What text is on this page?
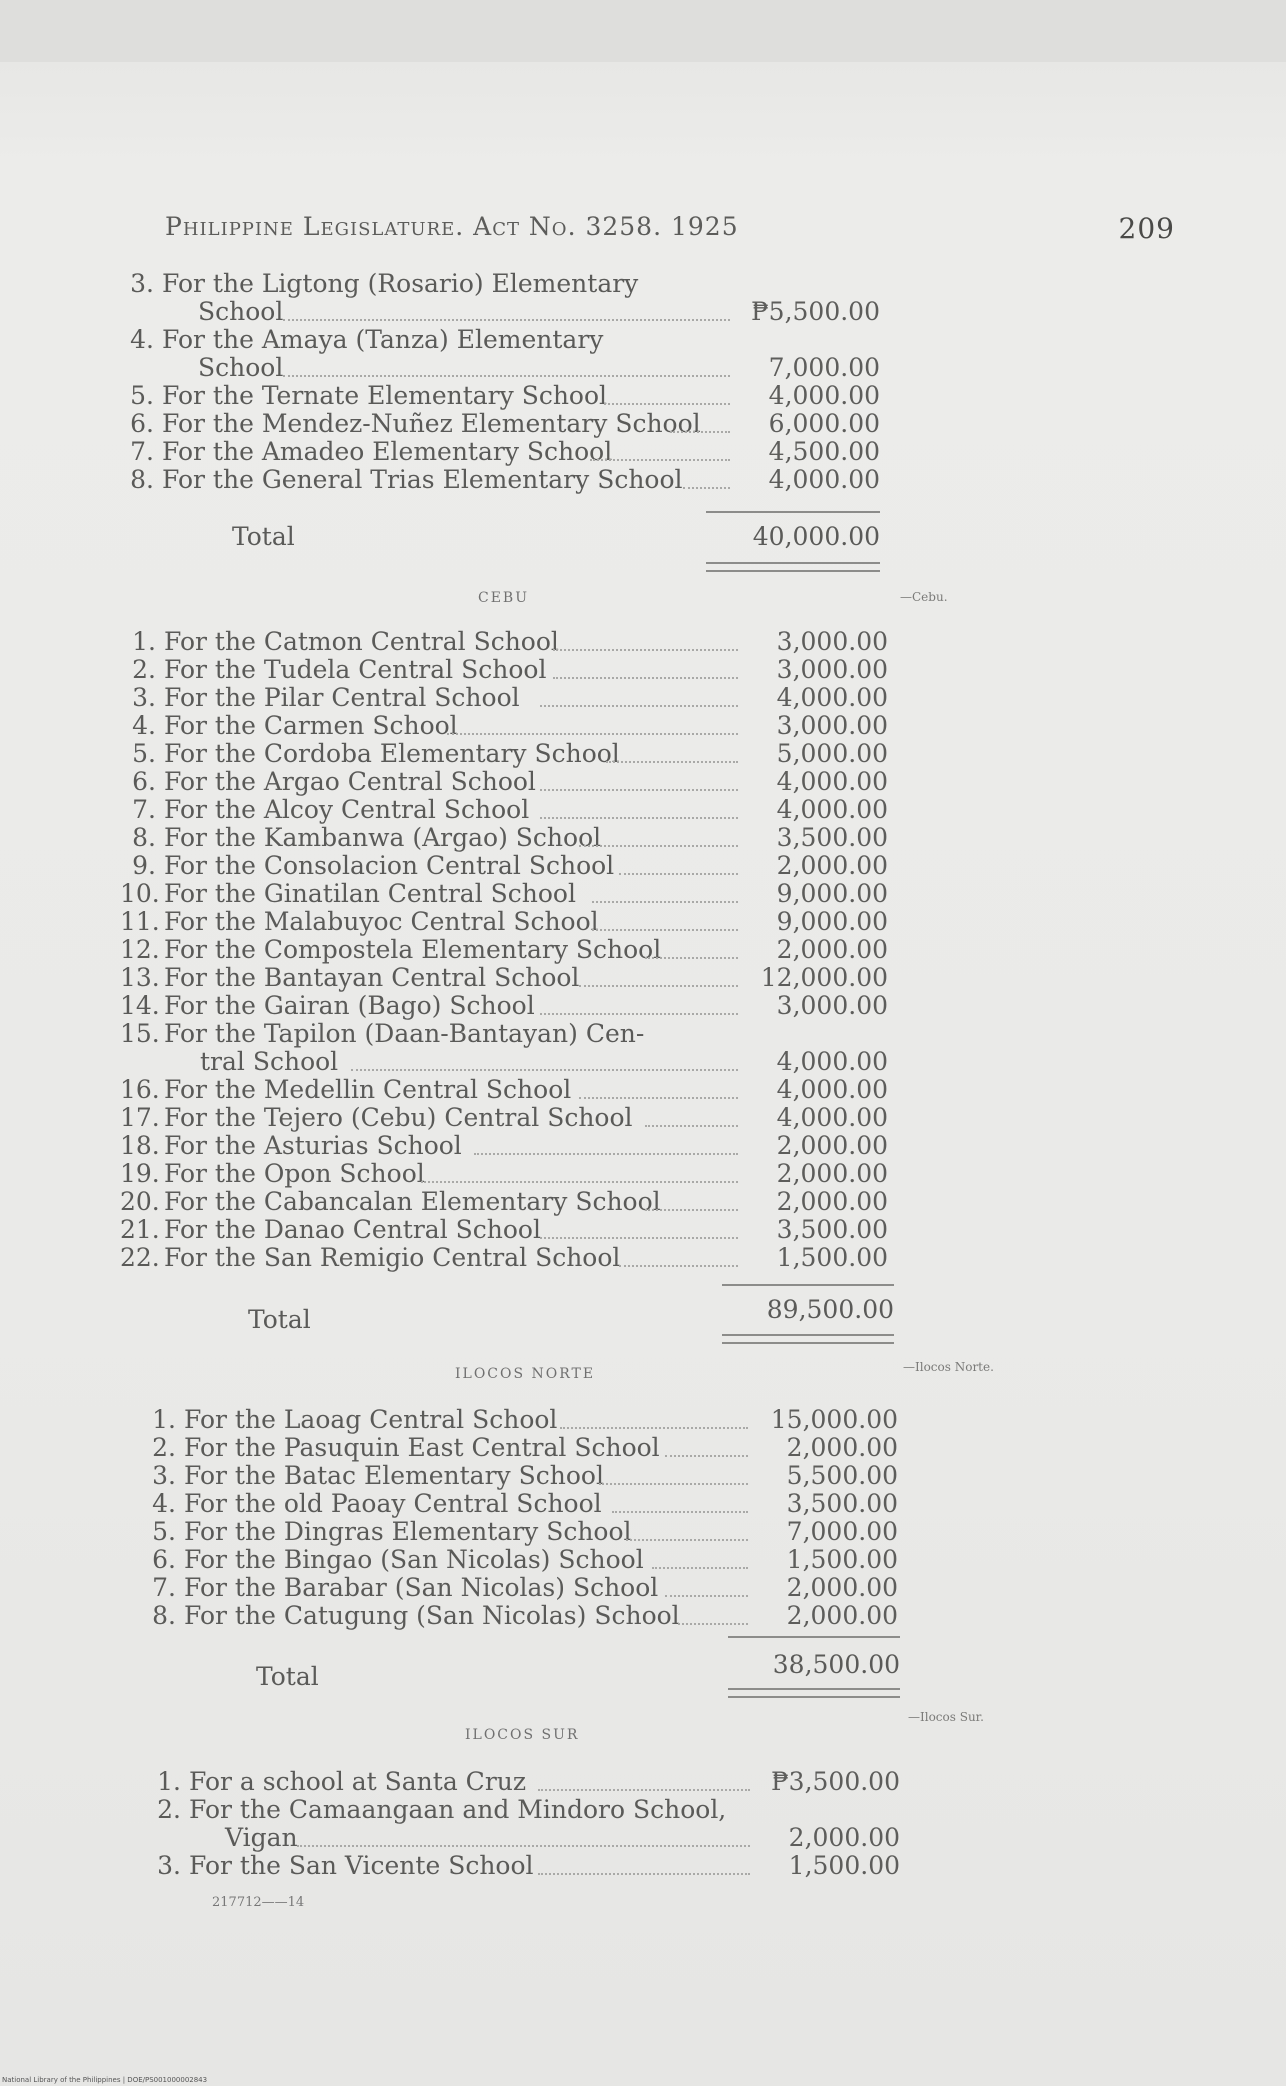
Philippine Legislature. Act No. 3258. 1925	209
3. For the Ligtong (Rosario) Elementary
School	₱5,500.00
4. For the Amaya (Tanza) Elementary
School	7,000.00
5. For the Ternate Elementary School	4,000.00
6. For the Mendez-Nuñez Elementary School	6,000.00
7. For the Amadeo Elementary School	4,500.00
8. For the General Trias Elementary School	4,000.00
Total	40,000.00
CEBU	—Cebu.
1. For the Catmon Central School	3,000.00
2. For the Tudela Central School	3,000.00
3. For the Pilar Central School	4,000.00
4. For the Carmen School	3,000.00
5. For the Cordoba Elementary School	5,000.00
6. For the Argao Central School	4,000.00
7. For the Alcoy Central School	4,000.00
8. For the Kambanwa (Argao) School	3,500.00
9. For the Consolacion Central School	2,000.00
10. For the Ginatilan Central School	9,000.00
11. For the Malabuyoc Central School	9,000.00
12. For the Compostela Elementary School	2,000.00
13. For the Bantayan Central School	12,000.00
14. For the Gairan (Bago) School	3,000.00
15. For the Tapilon (Daan-Bantayan) Cen-
tral School	4,000.00
16. For the Medellin Central School	4,000.00
17. For the Tejero (Cebu) Central School	4,000.00
18. For the Asturias School	2,000.00
19. For the Opon School	2,000.00
20. For the Cabancalan Elementary School	2,000.00
21. For the Danao Central School	3,500.00
22. For the San Remigio Central School	1,500.00
Total	89,500.00
ILOCOS NORTE	—Ilocos Norte.
1. For the Laoag Central School	15,000.00
2. For the Pasuquin East Central School	2,000.00
3. For the Batac Elementary School	5,500.00
4. For the old Paoay Central School	3,500.00
5. For the Dingras Elementary School	7,000.00
6. For the Bingao (San Nicolas) School	1,500.00
7. For the Barabar (San Nicolas) School	2,000.00
8. For the Catugung (San Nicolas) School	2,000.00
Total	38,500.00
ILOCOS SUR
—Ilocos Sur.
1. For a school at Santa Cruz	₱3,500.00
2. For the Camaangaan and Mindoro School,
Vigan	2,000.00
3. For the San Vicente School	1,500.00
217712——14
National Library of the Philippines | DOE/PS001000002843
